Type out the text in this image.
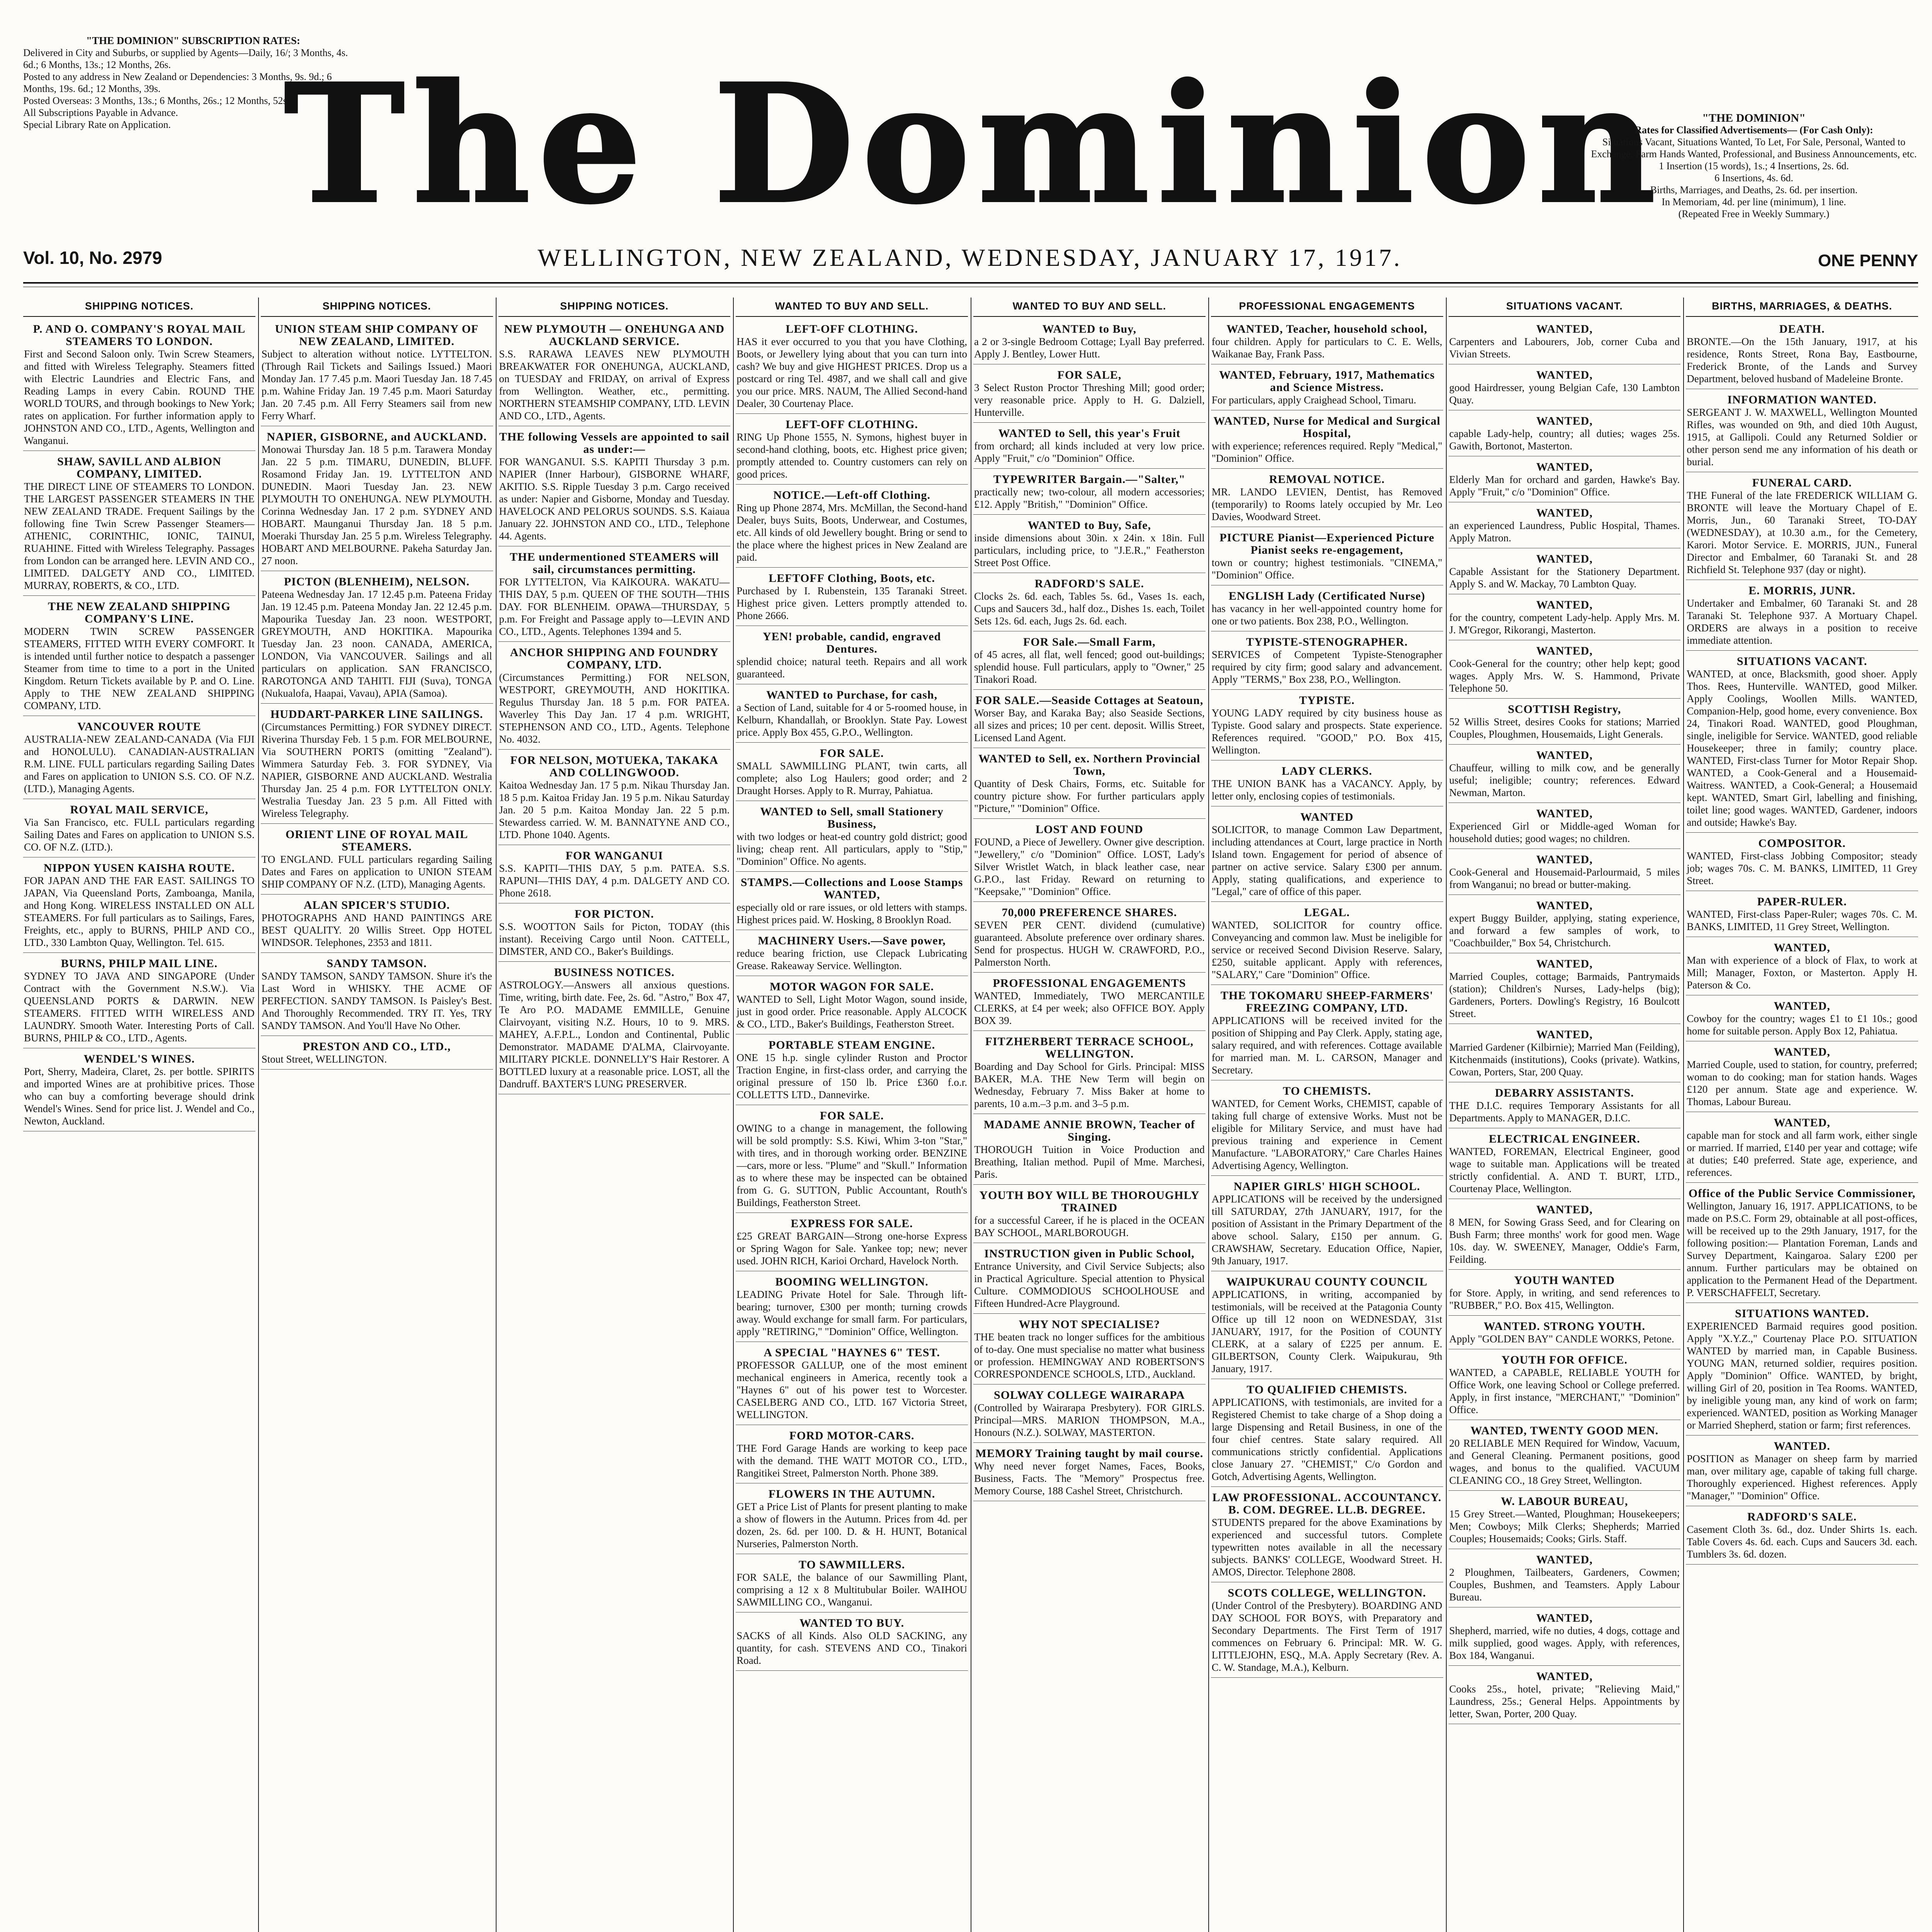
"THE DOMINION" SUBSCRIPTION RATES:
Delivered in City and Suburbs, or supplied by Agents—Daily, 16/; 3 Months, 4s. 6d.; 6 Months, 13s.; 12 Months, 26s.
Posted to any address in New Zealand or Dependencies: 3 Months, 9s. 9d.; 6 Months, 19s. 6d.; 12 Months, 39s.
Posted Overseas: 3 Months, 13s.; 6 Months, 26s.; 12 Months, 52s.
All Subscriptions Payable in Advance.
Special Library Rate on Application. The Dominion	"THE DOMINION"
Rates for Classified Advertisements— (For Cash Only):
Situations Vacant, Situations Wanted, To Let, For Sale, Personal, Wanted to Exchange, Farm Hands Wanted, Professional, and Business Announcements, etc.
1 Insertion (15 words), 1s.; 4 Insertions, 2s. 6d.
6 Insertions, 4s. 6d.
Births, Marriages, and Deaths, 2s. 6d. per insertion.
In Memoriam, 4d. per line (minimum), 1 line.
(Repeated Free in Weekly Summary.)
Vol. 10, No. 2979	WELLINGTON, NEW ZEALAND, WEDNESDAY, JANUARY 17, 1917.	ONE PENNY
SHIPPING NOTICES.
P. AND O. COMPANY'S ROYAL MAIL STEAMERS TO LONDON.

First and Second Saloon only. Twin Screw Steamers, and fitted with Wireless Telegraphy. Steamers fitted with Electric Laundries and Electric Fans, and Reading Lamps in every Cabin. ROUND THE WORLD TOURS, and through bookings to New York; rates on application. For further information apply to JOHNSTON AND CO., LTD., Agents, Wellington and Wanganui.

SHAW, SAVILL AND ALBION COMPANY, LIMITED.

THE DIRECT LINE OF STEAMERS TO LONDON. THE LARGEST PASSENGER STEAMERS IN THE NEW ZEALAND TRADE. Frequent Sailings by the following fine Twin Screw Passenger Steamers— ATHENIC, CORINTHIC, IONIC, TAINUI, RUAHINE. Fitted with Wireless Telegraphy. Passages from London can be arranged here. LEVIN AND CO., LIMITED. DALGETY AND CO., LIMITED. MURRAY, ROBERTS, & CO., LTD.

THE NEW ZEALAND SHIPPING COMPANY'S LINE.

MODERN TWIN SCREW PASSENGER STEAMERS, FITTED WITH EVERY COMFORT. It is intended until further notice to despatch a passenger Steamer from time to time to a port in the United Kingdom. Return Tickets available by P. and O. Line. Apply to THE NEW ZEALAND SHIPPING COMPANY, LTD.

VANCOUVER ROUTE

AUSTRALIA-NEW ZEALAND-CANADA (Via FIJI and HONOLULU). CANADIAN-AUSTRALIAN R.M. LINE. FULL particulars regarding Sailing Dates and Fares on application to UNION S.S. CO. OF N.Z. (LTD.), Managing Agents.

ROYAL MAIL SERVICE,

Via San Francisco, etc. FULL particulars regarding Sailing Dates and Fares on application to UNION S.S. CO. OF N.Z. (LTD.).

NIPPON YUSEN KAISHA ROUTE.

FOR JAPAN AND THE FAR EAST. SAILINGS TO JAPAN, Via Queensland Ports, Zamboanga, Manila, and Hong Kong. WIRELESS INSTALLED ON ALL STEAMERS. For full particulars as to Sailings, Fares, Freights, etc., apply to BURNS, PHILP AND CO., LTD., 330 Lambton Quay, Wellington. Tel. 615.

BURNS, PHILP MAIL LINE.

SYDNEY TO JAVA AND SINGAPORE (Under Contract with the Government N.S.W.). Via QUEENSLAND PORTS & DARWIN. NEW STEAMERS. FITTED WITH WIRELESS AND LAUNDRY. Smooth Water. Interesting Ports of Call. BURNS, PHILP & CO., LTD., Agents.

WENDEL'S WINES.

Port, Sherry, Madeira, Claret, 2s. per bottle. SPIRITS and imported Wines are at prohibitive prices. Those who can buy a comforting beverage should drink Wendel's Wines. Send for price list. J. Wendel and Co., Newton, Auckland.

SHIPPING NOTICES.
UNION STEAM SHIP COMPANY OF NEW ZEALAND, LIMITED.

Subject to alteration without notice. LYTTELTON. (Through Rail Tickets and Sailings Issued.) Maori Monday Jan. 17 7.45 p.m. Maori Tuesday Jan. 18 7.45 p.m. Wahine Friday Jan. 19 7.45 p.m. Maori Saturday Jan. 20 7.45 p.m. All Ferry Steamers sail from new Ferry Wharf.

NAPIER, GISBORNE, and AUCKLAND.

Monowai Thursday Jan. 18 5 p.m. Tarawera Monday Jan. 22 5 p.m. TIMARU, DUNEDIN, BLUFF. Rosamond Friday Jan. 19. LYTTELTON AND DUNEDIN. Maori Tuesday Jan. 23. NEW PLYMOUTH TO ONEHUNGA. NEW PLYMOUTH. Corinna Wednesday Jan. 17 2 p.m. SYDNEY AND HOBART. Maunganui Thursday Jan. 18 5 p.m. Moeraki Thursday Jan. 25 5 p.m. Wireless Telegraphy. HOBART AND MELBOURNE. Pakeha Saturday Jan. 27 noon.

PICTON (BLENHEIM), NELSON.

Pateena Wednesday Jan. 17 12.45 p.m. Pateena Friday Jan. 19 12.45 p.m. Pateena Monday Jan. 22 12.45 p.m. Mapourika Tuesday Jan. 23 noon. WESTPORT, GREYMOUTH, AND HOKITIKA. Mapourika Tuesday Jan. 23 noon. CANADA, AMERICA, LONDON, Via VANCOUVER. Sailings and all particulars on application. SAN FRANCISCO, RAROTONGA AND TAHITI. FIJI (Suva), TONGA (Nukualofa, Haapai, Vavau), APIA (Samoa).

HUDDART-PARKER LINE SAILINGS.

(Circumstances Permitting.) FOR SYDNEY DIRECT. Riverina Thursday Feb. 1 5 p.m. FOR MELBOURNE, Via SOUTHERN PORTS (omitting "Zealand"). Wimmera Saturday Feb. 3. FOR SYDNEY, Via NAPIER, GISBORNE AND AUCKLAND. Westralia Thursday Jan. 25 4 p.m. FOR LYTTELTON ONLY. Westralia Tuesday Jan. 23 5 p.m. All Fitted with Wireless Telegraphy.

ORIENT LINE OF ROYAL MAIL STEAMERS.

TO ENGLAND. FULL particulars regarding Sailing Dates and Fares on application to UNION STEAM SHIP COMPANY OF N.Z. (LTD), Managing Agents.

ALAN SPICER'S STUDIO.

PHOTOGRAPHS AND HAND PAINTINGS ARE BEST QUALITY. 20 Willis Street. Opp HOTEL WINDSOR. Telephones, 2353 and 1811.

SANDY TAMSON.

SANDY TAMSON, SANDY TAMSON. Shure it's the Last Word in WHISKY. THE ACME OF PERFECTION. SANDY TAMSON. Is Paisley's Best. And Thoroughly Recommended. TRY IT. Yes, TRY SANDY TAMSON. And You'll Have No Other.

PRESTON AND CO., LTD.,

Stout Street, WELLINGTON.

SHIPPING NOTICES.
NEW PLYMOUTH — ONEHUNGA AND AUCKLAND SERVICE.

S.S. RARAWA LEAVES NEW PLYMOUTH BREAKWATER FOR ONEHUNGA, AUCKLAND, on TUESDAY and FRIDAY, on arrival of Express from Wellington. Weather, etc., permitting. NORTHERN STEAMSHIP COMPANY, LTD. LEVIN AND CO., LTD., Agents.

THE following Vessels are appointed to sail as under:—

FOR WANGANUI. S.S. KAPITI Thursday 3 p.m. NAPIER (Inner Harbour), GISBORNE WHARF, AKITIO. S.S. Ripple Tuesday 3 p.m. Cargo received as under: Napier and Gisborne, Monday and Tuesday. HAVELOCK AND PELORUS SOUNDS. S.S. Kaiaua January 22. JOHNSTON AND CO., LTD., Telephone 44. Agents.

THE undermentioned STEAMERS will sail, circumstances permitting.

FOR LYTTELTON, Via KAIKOURA. WAKATU—THIS DAY, 5 p.m. QUEEN OF THE SOUTH—THIS DAY. FOR BLENHEIM. OPAWA—THURSDAY, 5 p.m. For Freight and Passage apply to—LEVIN AND CO., LTD., Agents. Telephones 1394 and 5.

ANCHOR SHIPPING AND FOUNDRY COMPANY, LTD.

(Circumstances Permitting.) FOR NELSON, WESTPORT, GREYMOUTH, AND HOKITIKA. Regulus Thursday Jan. 18 5 p.m. FOR PATEA. Waverley This Day Jan. 17 4 p.m. WRIGHT, STEPHENSON AND CO., LTD., Agents. Telephone No. 4032.

FOR NELSON, MOTUEKA, TAKAKA AND COLLINGWOOD.

Kaitoa Wednesday Jan. 17 5 p.m. Nikau Thursday Jan. 18 5 p.m. Kaitoa Friday Jan. 19 5 p.m. Nikau Saturday Jan. 20 5 p.m. Kaitoa Monday Jan. 22 5 p.m. Stewardess carried. W. M. BANNATYNE AND CO., LTD. Phone 1040. Agents.

FOR WANGANUI

S.S. KAPITI—THIS DAY, 5 p.m. PATEA. S.S. RAPUNI—THIS DAY, 4 p.m. DALGETY AND CO. Phone 2618.

FOR PICTON.

S.S. WOOTTON Sails for Picton, TODAY (this instant). Receiving Cargo until Noon. CATTELL, DIMSTER, AND CO., Baker's Buildings.

BUSINESS NOTICES.

ASTROLOGY.—Answers all anxious questions. Time, writing, birth date. Fee, 2s. 6d. "Astro," Box 47, Te Aro P.O. MADAME EMMILLE, Genuine Clairvoyant, visiting N.Z. Hours, 10 to 9. MRS. MAHEY, A.F.P.L., London and Continental, Public Demonstrator. MADAME D'ALMA, Clairvoyante. MILITARY PICKLE. DONNELLY'S Hair Restorer. A BOTTLED luxury at a reasonable price. LOST, all the Dandruff. BAXTER'S LUNG PRESERVER.

WANTED TO BUY AND SELL.
LEFT-OFF CLOTHING.

HAS it ever occurred to you that you have Clothing, Boots, or Jewellery lying about that you can turn into cash? We buy and give HIGHEST PRICES. Drop us a postcard or ring Tel. 4987, and we shall call and give you our price. MRS. NAUM, The Allied Second-hand Dealer, 30 Courtenay Place.

LEFT-OFF CLOTHING.

RING Up Phone 1555, N. Symons, highest buyer in second-hand clothing, boots, etc. Highest price given; promptly attended to. Country customers can rely on good prices.

NOTICE.—Left-off Clothing.

Ring up Phone 2874, Mrs. McMillan, the Second-hand Dealer, buys Suits, Boots, Underwear, and Costumes, etc. All kinds of old Jewellery bought. Bring or send to the place where the highest prices in New Zealand are paid.

LEFTOFF Clothing, Boots, etc.

Purchased by I. Rubenstein, 135 Taranaki Street. Highest price given. Letters promptly attended to. Phone 2666.

YEN! probable, candid, engraved Dentures.

splendid choice; natural teeth. Repairs and all work guaranteed.

WANTED to Purchase, for cash,

a Section of Land, suitable for 4 or 5-roomed house, in Kelburn, Khandallah, or Brooklyn. State Pay. Lowest price. Apply Box 455, G.P.O., Wellington.

FOR SALE.

SMALL SAWMILLING PLANT, twin carts, all complete; also Log Haulers; good order; and 2 Draught Horses. Apply to R. Murray, Pahiatua.

WANTED to Sell, small Stationery Business,

with two lodges or heat-ed country gold district; good living; cheap rent. All particulars, apply to "Stip," "Dominion" Office. No agents.

STAMPS.—Collections and Loose Stamps WANTED,

especially old or rare issues, or old letters with stamps. Highest prices paid. W. Hosking, 8 Brooklyn Road.

MACHINERY Users.—Save power,

reduce bearing friction, use Clepack Lubricating Grease. Rakeaway Service. Wellington.

MOTOR WAGON FOR SALE.

WANTED to Sell, Light Motor Wagon, sound inside, just in good order. Price reasonable. Apply ALCOCK & CO., LTD., Baker's Buildings, Featherston Street.

PORTABLE STEAM ENGINE.

ONE 15 h.p. single cylinder Ruston and Proctor Traction Engine, in first-class order, and carrying the original pressure of 150 lb. Price £360 f.o.r. COLLETTS LTD., Dannevirke.

FOR SALE.

OWING to a change in management, the following will be sold promptly: S.S. Kiwi, Whim 3-ton "Star," with tires, and in thorough working order. BENZINE—cars, more or less. "Plume" and "Skull." Information as to where these may be inspected can be obtained from G. G. SUTTON, Public Accountant, Routh's Buildings, Featherston Street.

EXPRESS FOR SALE.

£25 GREAT BARGAIN—Strong one-horse Express or Spring Wagon for Sale. Yankee top; new; never used. JOHN RICH, Karioi Orchard, Havelock North.

BOOMING WELLINGTON.

LEADING Private Hotel for Sale. Through lift-bearing; turnover, £300 per month; turning crowds away. Would exchange for small farm. For particulars, apply "RETIRING," "Dominion" Office, Wellington.

A SPECIAL "HAYNES 6" TEST.

PROFESSOR GALLUP, one of the most eminent mechanical engineers in America, recently took a "Haynes 6" out of his power test to Worcester. CASELBERG AND CO., LTD. 167 Victoria Street, WELLINGTON.

FORD MOTOR-CARS.

THE Ford Garage Hands are working to keep pace with the demand. THE WATT MOTOR CO., LTD., Rangitikei Street, Palmerston North. Phone 389.

FLOWERS IN THE AUTUMN.

GET a Price List of Plants for present planting to make a show of flowers in the Autumn. Prices from 4d. per dozen, 2s. 6d. per 100. D. & H. HUNT, Botanical Nurseries, Palmerston North.

TO SAWMILLERS.

FOR SALE, the balance of our Sawmilling Plant, comprising a 12 x 8 Multitubular Boiler. WAIHOU SAWMILLING CO., Wanganui.

WANTED TO BUY.

SACKS of all Kinds. Also OLD SACKING, any quantity, for cash. STEVENS AND CO., Tinakori Road.

WANTED TO BUY AND SELL.
WANTED to Buy,

a 2 or 3-single Bedroom Cottage; Lyall Bay preferred. Apply J. Bentley, Lower Hutt.

FOR SALE,

3 Select Ruston Proctor Threshing Mill; good order; very reasonable price. Apply to H. G. Dalziell, Hunterville.

WANTED to Sell, this year's Fruit

from orchard; all kinds included at very low price. Apply "Fruit," c/o "Dominion" Office.

TYPEWRITER Bargain.—"Salter,"

practically new; two-colour, all modern accessories; £12. Apply "British," "Dominion" Office.

WANTED to Buy, Safe,

inside dimensions about 30in. x 24in. x 18in. Full particulars, including price, to "J.E.R.," Featherston Street Post Office.

RADFORD'S SALE.

Clocks 2s. 6d. each, Tables 5s. 6d., Vases 1s. each, Cups and Saucers 3d., half doz., Dishes 1s. each, Toilet Sets 12s. 6d. each, Jugs 2s. 6d. each.

FOR Sale.—Small Farm,

of 45 acres, all flat, well fenced; good out-buildings; splendid house. Full particulars, apply to "Owner," 25 Tinakori Road.

FOR SALE.—Seaside Cottages at Seatoun,

Worser Bay, and Karaka Bay; also Seaside Sections, all sizes and prices; 10 per cent. deposit. Willis Street, Licensed Land Agent.

WANTED to Sell, ex. Northern Provincial Town,

Quantity of Desk Chairs, Forms, etc. Suitable for country picture show. For further particulars apply "Picture," "Dominion" Office.

LOST AND FOUND

FOUND, a Piece of Jewellery. Owner give description. "Jewellery," c/o "Dominion" Office. LOST, Lady's Silver Wristlet Watch, in black leather case, near G.P.O., last Friday. Reward on returning to "Keepsake," "Dominion" Office.

70,000 PREFERENCE SHARES.

SEVEN PER CENT. dividend (cumulative) guaranteed. Absolute preference over ordinary shares. Send for prospectus. HUGH W. CRAWFORD, P.O., Palmerston North.

PROFESSIONAL ENGAGEMENTS

WANTED, Immediately, TWO MERCANTILE CLERKS, at £4 per week; also OFFICE BOY. Apply BOX 39.

FITZHERBERT TERRACE SCHOOL, WELLINGTON.

Boarding and Day School for Girls. Principal: MISS BAKER, M.A. THE New Term will begin on Wednesday, February 7. Miss Baker at home to parents, 10 a.m.–3 p.m. and 3–5 p.m.

MADAME ANNIE BROWN, Teacher of Singing.

THOROUGH Tuition in Voice Production and Breathing, Italian method. Pupil of Mme. Marchesi, Paris.

YOUTH BOY WILL BE THOROUGHLY TRAINED

for a successful Career, if he is placed in the OCEAN BAY SCHOOL, MARLBOROUGH.

INSTRUCTION given in Public School,

Entrance University, and Civil Service Subjects; also in Practical Agriculture. Special attention to Physical Culture. COMMODIOUS SCHOOLHOUSE and Fifteen Hundred-Acre Playground.

WHY NOT SPECIALISE?

THE beaten track no longer suffices for the ambitious of to-day. One must specialise no matter what business or profession. HEMINGWAY AND ROBERTSON'S CORRESPONDENCE SCHOOLS, LTD., Auckland.

SOLWAY COLLEGE WAIRARAPA

(Controlled by Wairarapa Presbytery). FOR GIRLS. Principal—MRS. MARION THOMPSON, M.A., Honours (N.Z.). SOLWAY, MASTERTON.

MEMORY Training taught by mail course.

Why need never forget Names, Faces, Books, Business, Facts. The "Memory" Prospectus free. Memory Course, 188 Cashel Street, Christchurch.

PROFESSIONAL ENGAGEMENTS
WANTED, Teacher, household school,

four children. Apply for particulars to C. E. Wells, Waikanae Bay, Frank Pass.

WANTED, February, 1917, Mathematics and Science Mistress.

For particulars, apply Craighead School, Timaru.

WANTED, Nurse for Medical and Surgical Hospital,

with experience; references required. Reply "Medical," "Dominion" Office.

REMOVAL NOTICE.

MR. LANDO LEVIEN, Dentist, has Removed (temporarily) to Rooms lately occupied by Mr. Leo Davies, Woodward Street.

PICTURE Pianist—Experienced Picture Pianist seeks re-engagement,

town or country; highest testimonials. "CINEMA," "Dominion" Office.

ENGLISH Lady (Certificated Nurse)

has vacancy in her well-appointed country home for one or two patients. Box 238, P.O., Wellington.

TYPISTE-STENOGRAPHER.

SERVICES of Competent Typiste-Stenographer required by city firm; good salary and advancement. Apply "TERMS," Box 238, P.O., Wellington.

TYPISTE.

YOUNG LADY required by city business house as Typiste. Good salary and prospects. State experience. References required. "GOOD," P.O. Box 415, Wellington.

LADY CLERKS.

THE UNION BANK has a VACANCY. Apply, by letter only, enclosing copies of testimonials.

WANTED

SOLICITOR, to manage Common Law Department, including attendances at Court, large practice in North Island town. Engagement for period of absence of partner on active service. Salary £300 per annum. Apply, stating qualifications, and experience to "Legal," care of office of this paper.

LEGAL.

WANTED, SOLICITOR for country office. Conveyancing and common law. Must be ineligible for service or received Second Division Reserve. Salary, £250, suitable applicant. Apply with references, "SALARY," Care "Dominion" Office.

THE TOKOMARU SHEEP-FARMERS' FREEZING COMPANY, LTD.

APPLICATIONS will be received invited for the position of Shipping and Pay Clerk. Apply, stating age, salary required, and with references. Cottage available for married man. M. L. CARSON, Manager and Secretary.

TO CHEMISTS.

WANTED, for Cement Works, CHEMIST, capable of taking full charge of extensive Works. Must not be eligible for Military Service, and must have had previous training and experience in Cement Manufacture. "LABORATORY," Care Charles Haines Advertising Agency, Wellington.

NAPIER GIRLS' HIGH SCHOOL.

APPLICATIONS will be received by the undersigned till SATURDAY, 27th JANUARY, 1917, for the position of Assistant in the Primary Department of the above school. Salary, £150 per annum. G. CRAWSHAW, Secretary. Education Office, Napier, 9th January, 1917.

WAIPUKURAU COUNTY COUNCIL

APPLICATIONS, in writing, accompanied by testimonials, will be received at the Patagonia County Office up till 12 noon on WEDNESDAY, 31st JANUARY, 1917, for the Position of COUNTY CLERK, at a salary of £225 per annum. E. GILBERTSON, County Clerk. Waipukurau, 9th January, 1917.

TO QUALIFIED CHEMISTS.

APPLICATIONS, with testimonials, are invited for a Registered Chemist to take charge of a Shop doing a large Dispensing and Retail Business, in one of the four chief centres. State salary required. All communications strictly confidential. Applications close January 27. "CHEMIST," C/o Gordon and Gotch, Advertising Agents, Wellington.

LAW PROFESSIONAL. ACCOUNTANCY. B. COM. DEGREE. LL.B. DEGREE.

STUDENTS prepared for the above Examinations by experienced and successful tutors. Complete typewritten notes available in all the necessary subjects. BANKS' COLLEGE, Woodward Street. H. AMOS, Director. Telephone 2808.

SCOTS COLLEGE, WELLINGTON.

(Under Control of the Presbytery). BOARDING AND DAY SCHOOL FOR BOYS, with Preparatory and Secondary Departments. The First Term of 1917 commences on February 6. Principal: MR. W. G. LITTLEJOHN, ESQ., M.A. Apply Secretary (Rev. A. C. W. Standage, M.A.), Kelburn.

SITUATIONS VACANT.
WANTED,

Carpenters and Labourers, Job, corner Cuba and Vivian Streets.

WANTED,

good Hairdresser, young Belgian Cafe, 130 Lambton Quay.

WANTED,

capable Lady-help, country; all duties; wages 25s. Gawith, Bortonot, Masterton.

WANTED,

Elderly Man for orchard and garden, Hawke's Bay. Apply "Fruit," c/o "Dominion" Office.

WANTED,

an experienced Laundress, Public Hospital, Thames. Apply Matron.

WANTED,

Capable Assistant for the Stationery Department. Apply S. and W. Mackay, 70 Lambton Quay.

WANTED,

for the country, competent Lady-help. Apply Mrs. M. J. M'Gregor, Rikorangi, Masterton.

WANTED,

Cook-General for the country; other help kept; good wages. Apply Mrs. W. S. Hammond, Private Telephone 50.

SCOTTISH Registry,

52 Willis Street, desires Cooks for stations; Married Couples, Ploughmen, Housemaids, Light Generals.

WANTED,

Chauffeur, willing to milk cow, and be generally useful; ineligible; country; references. Edward Newman, Marton.

WANTED,

Experienced Girl or Middle-aged Woman for household duties; good wages; no children.

WANTED,

Cook-General and Housemaid-Parlourmaid, 5 miles from Wanganui; no bread or butter-making.

WANTED,

expert Buggy Builder, applying, stating experience, and forward a few samples of work, to "Coachbuilder," Box 54, Christchurch.

WANTED,

Married Couples, cottage; Barmaids, Pantrymaids (station); Children's Nurses, Lady-helps (big); Gardeners, Porters. Dowling's Registry, 16 Boulcott Street.

WANTED,

Married Gardener (Kilbirnie); Married Man (Feilding), Kitchenmaids (institutions), Cooks (private). Watkins, Cowan, Porters, Star, 200 Quay.

DEBARRY ASSISTANTS.

THE D.I.C. requires Temporary Assistants for all Departments. Apply to MANAGER, D.I.C.

ELECTRICAL ENGINEER.

WANTED, FOREMAN, Electrical Engineer, good wage to suitable man. Applications will be treated strictly confidential. A. AND T. BURT, LTD., Courtenay Place, Wellington.

WANTED,

8 MEN, for Sowing Grass Seed, and for Clearing on Bush Farm; three months' work for good men. Wage 10s. day. W. SWEENEY, Manager, Oddie's Farm, Feilding.

YOUTH WANTED

for Store. Apply, in writing, and send references to "RUBBER," P.O. Box 415, Wellington.

WANTED. STRONG YOUTH.

Apply "GOLDEN BAY" CANDLE WORKS, Petone.

YOUTH FOR OFFICE.

WANTED, a CAPABLE, RELIABLE YOUTH for Office Work, one leaving School or College preferred. Apply, in first instance, "MERCHANT," "Dominion" Office.

WANTED, TWENTY GOOD MEN.

20 RELIABLE MEN Required for Window, Vacuum, and General Cleaning. Permanent positions, good wages, and bonus to the qualified. VACUUM CLEANING CO., 18 Grey Street, Wellington.

W. LABOUR BUREAU,

15 Grey Street.—Wanted, Ploughman; Housekeepers; Men; Cowboys; Milk Clerks; Shepherds; Married Couples; Housemaids; Cooks; Girls. Staff.

WANTED,

2 Ploughmen, Tailbeaters, Gardeners, Cowmen; Couples, Bushmen, and Teamsters. Apply Labour Bureau.

WANTED,

Shepherd, married, wife no duties, 4 dogs, cottage and milk supplied, good wages. Apply, with references, Box 184, Wanganui.

WANTED,

Cooks 25s., hotel, private; "Relieving Maid," Laundress, 25s.; General Helps. Appointments by letter, Swan, Porter, 200 Quay.

BIRTHS, MARRIAGES, & DEATHS.
DEATH.

BRONTE.—On the 15th January, 1917, at his residence, Ronts Street, Rona Bay, Eastbourne, Frederick Bronte, of the Lands and Survey Department, beloved husband of Madeleine Bronte.

INFORMATION WANTED.

SERGEANT J. W. MAXWELL, Wellington Mounted Rifles, was wounded on 9th, and died 10th August, 1915, at Gallipoli. Could any Returned Soldier or other person send me any information of his death or burial.

FUNERAL CARD.

THE Funeral of the late FREDERICK WILLIAM G. BRONTE will leave the Mortuary Chapel of E. Morris, Jun., 60 Taranaki Street, TO-DAY (WEDNESDAY), at 10.30 a.m., for the Cemetery, Karori. Motor Service. E. MORRIS, JUN., Funeral Director and Embalmer, 60 Taranaki St. and 28 Richfield St. Telephone 937 (day or night).

E. MORRIS, JUNR.

Undertaker and Embalmer, 60 Taranaki St. and 28 Taranaki St. Telephone 937. A Mortuary Chapel. ORDERS are always in a position to receive immediate attention.

SITUATIONS VACANT.

WANTED, at once, Blacksmith, good shoer. Apply Thos. Rees, Hunterville. WANTED, good Milker. Apply Coolings, Woollen Mills. WANTED, Companion-Help, good home, every convenience. Box 24, Tinakori Road. WANTED, good Ploughman, single, ineligible for Service. WANTED, good reliable Housekeeper; three in family; country place. WANTED, First-class Turner for Motor Repair Shop. WANTED, a Cook-General and a Housemaid-Waitress. WANTED, a Cook-General; a Housemaid kept. WANTED, Smart Girl, labelling and finishing, toilet line; good wages. WANTED, Gardener, indoors and outside; Hawke's Bay.

COMPOSITOR.

WANTED, First-class Jobbing Compositor; steady job; wages 70s. C. M. BANKS, LIMITED, 11 Grey Street.

PAPER-RULER.

WANTED, First-class Paper-Ruler; wages 70s. C. M. BANKS, LIMITED, 11 Grey Street, Wellington.

WANTED,

Man with experience of a block of Flax, to work at Mill; Manager, Foxton, or Masterton. Apply H. Paterson & Co.

WANTED,

Cowboy for the country; wages £1 to £1 10s.; good home for suitable person. Apply Box 12, Pahiatua.

WANTED,

Married Couple, used to station, for country, preferred; woman to do cooking; man for station hands. Wages £120 per annum. State age and experience. W. Thomas, Labour Bureau.

WANTED,

capable man for stock and all farm work, either single or married. If married, £140 per year and cottage; wife at duties; £40 preferred. State age, experience, and references.

Office of the Public Service Commissioner,

Wellington, January 16, 1917. APPLICATIONS, to be made on P.S.C. Form 29, obtainable at all post-offices, will be received up to the 29th January, 1917, for the following position:— Plantation Foreman, Lands and Survey Department, Kaingaroa. Salary £200 per annum. Further particulars may be obtained on application to the Permanent Head of the Department. P. VERSCHAFFELT, Secretary.

SITUATIONS WANTED.

EXPERIENCED Barmaid requires good position. Apply "X.Y.Z.," Courtenay Place P.O. SITUATION WANTED by married man, in Capable Business. YOUNG MAN, returned soldier, requires position. Apply "Dominion" Office. WANTED, by bright, willing Girl of 20, position in Tea Rooms. WANTED, by ineligible young man, any kind of work on farm; experienced. WANTED, position as Working Manager or Married Shepherd, station or farm; first references.

WANTED.

POSITION as Manager on sheep farm by married man, over military age, capable of taking full charge. Thoroughly experienced. Highest references. Apply "Manager," "Dominion" Office.

RADFORD'S SALE.

Casement Cloth 3s. 6d., doz. Under Shirts 1s. each. Table Covers 4s. 6d. each. Cups and Saucers 3d. each. Tumblers 3s. 6d. dozen.
